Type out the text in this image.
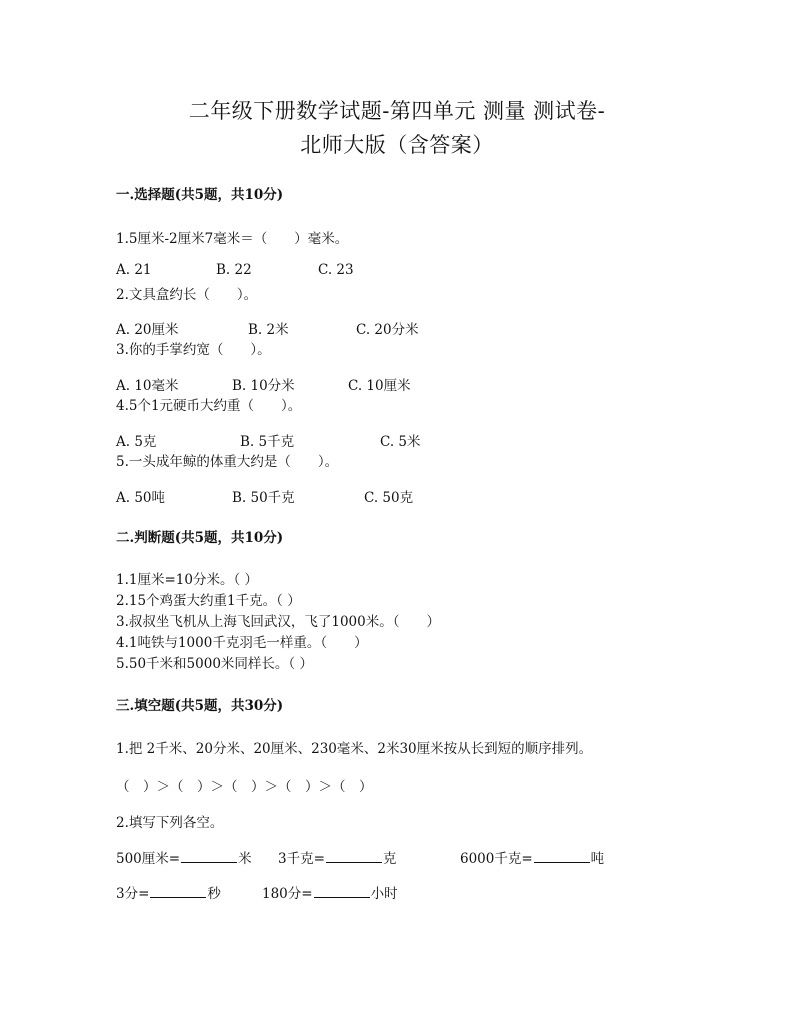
二年级下册数学试题-第四单元 测量 测试卷-
北师大版（含答案）
一.选择题(共5题，共10分)
1.5厘米-2厘米7毫米＝（　　）毫米。
A. 21	B. 22	C. 23
2.文具盒约长（　　）。
A. 20厘米	B. 2米	C. 20分米
3.你的手掌约宽（　　）。
A. 10毫米	B. 10分米	C. 10厘米
4.5个1元硬币大约重（　　）。
A. 5克	B. 5千克	C. 5米
5.一头成年鲸的体重大约是（　　）。
A. 50吨	B. 50千克	C. 50克
二.判断题(共5题，共10分)
1.1厘米=10分米。（ ）
2.15个鸡蛋大约重1千克。（ ）
3.叔叔坐飞机从上海飞回武汉，飞了1000米。（　　）
4.1吨铁与1000千克羽毛一样重。（　　）
5.50千米和5000米同样长。（ ）
三.填空题(共5题，共30分)
1.把 2千米、20分米、20厘米、230毫米、2米30厘米按从长到短的顺序排列。
（　）＞（　）＞（　）＞（　）＞（　）
2.填写下列各空。
500厘米=	米 3千克=	克	6000千克=	吨
3分=	秒	180分=	小时
